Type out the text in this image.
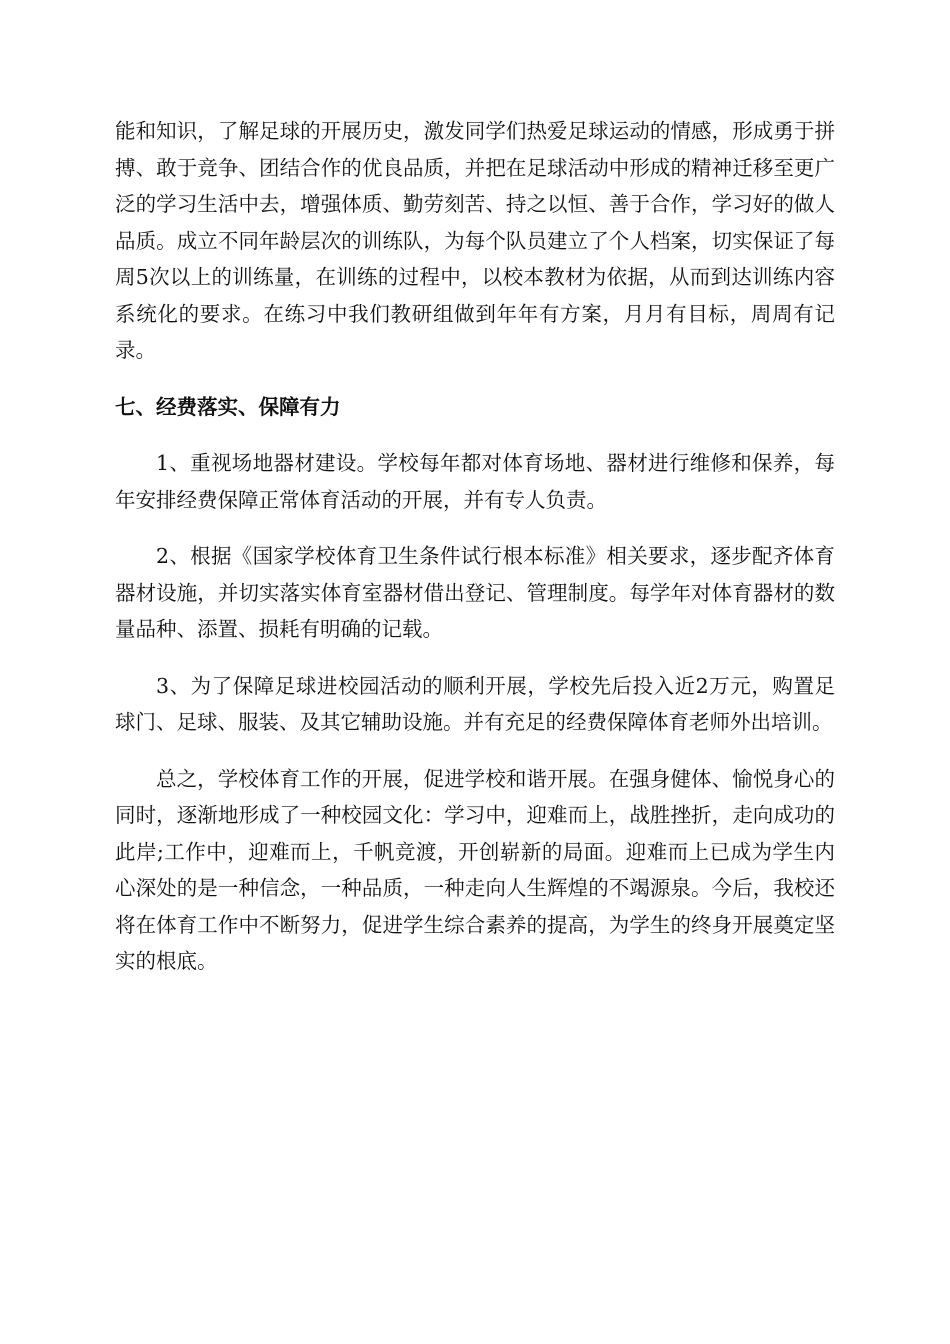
能和知识，了解足球的开展历史，激发同学们热爱足球运动的情感，形成勇于拼搏、敢于竞争、团结合作的优良品质，并把在足球活动中形成的精神迁移至更广泛的学习生活中去，增强体质、勤劳刻苦、持之以恒、善于合作，学习好的做人品质。成立不同年龄层次的训练队，为每个队员建立了个人档案，切实保证了每周5次以上的训练量，在训练的过程中，以校本教材为依据，从而到达训练内容系统化的要求。在练习中我们教研组做到年年有方案，月月有目标，周周有记录。

七、经费落实、保障有力

1、重视场地器材建设。学校每年都对体育场地、器材进行维修和保养，每年安排经费保障正常体育活动的开展，并有专人负责。

2、根据《国家学校体育卫生条件试行根本标准》相关要求，逐步配齐体育器材设施，并切实落实体育室器材借出登记、管理制度。每学年对体育器材的数量品种、添置、损耗有明确的记载。

3、为了保障足球进校园活动的顺利开展，学校先后投入近2万元，购置足球门、足球、服装、及其它辅助设施。并有充足的经费保障体育老师外出培训。

总之，学校体育工作的开展，促进学校和谐开展。在强身健体、愉悦身心的同时，逐渐地形成了一种校园文化：学习中，迎难而上，战胜挫折，走向成功的此岸;工作中，迎难而上，千帆竞渡，开创崭新的局面。迎难而上已成为学生内心深处的是一种信念，一种品质，一种走向人生辉煌的不竭源泉。今后，我校还将在体育工作中不断努力，促进学生综合素养的提高，为学生的终身开展奠定坚实的根底。
